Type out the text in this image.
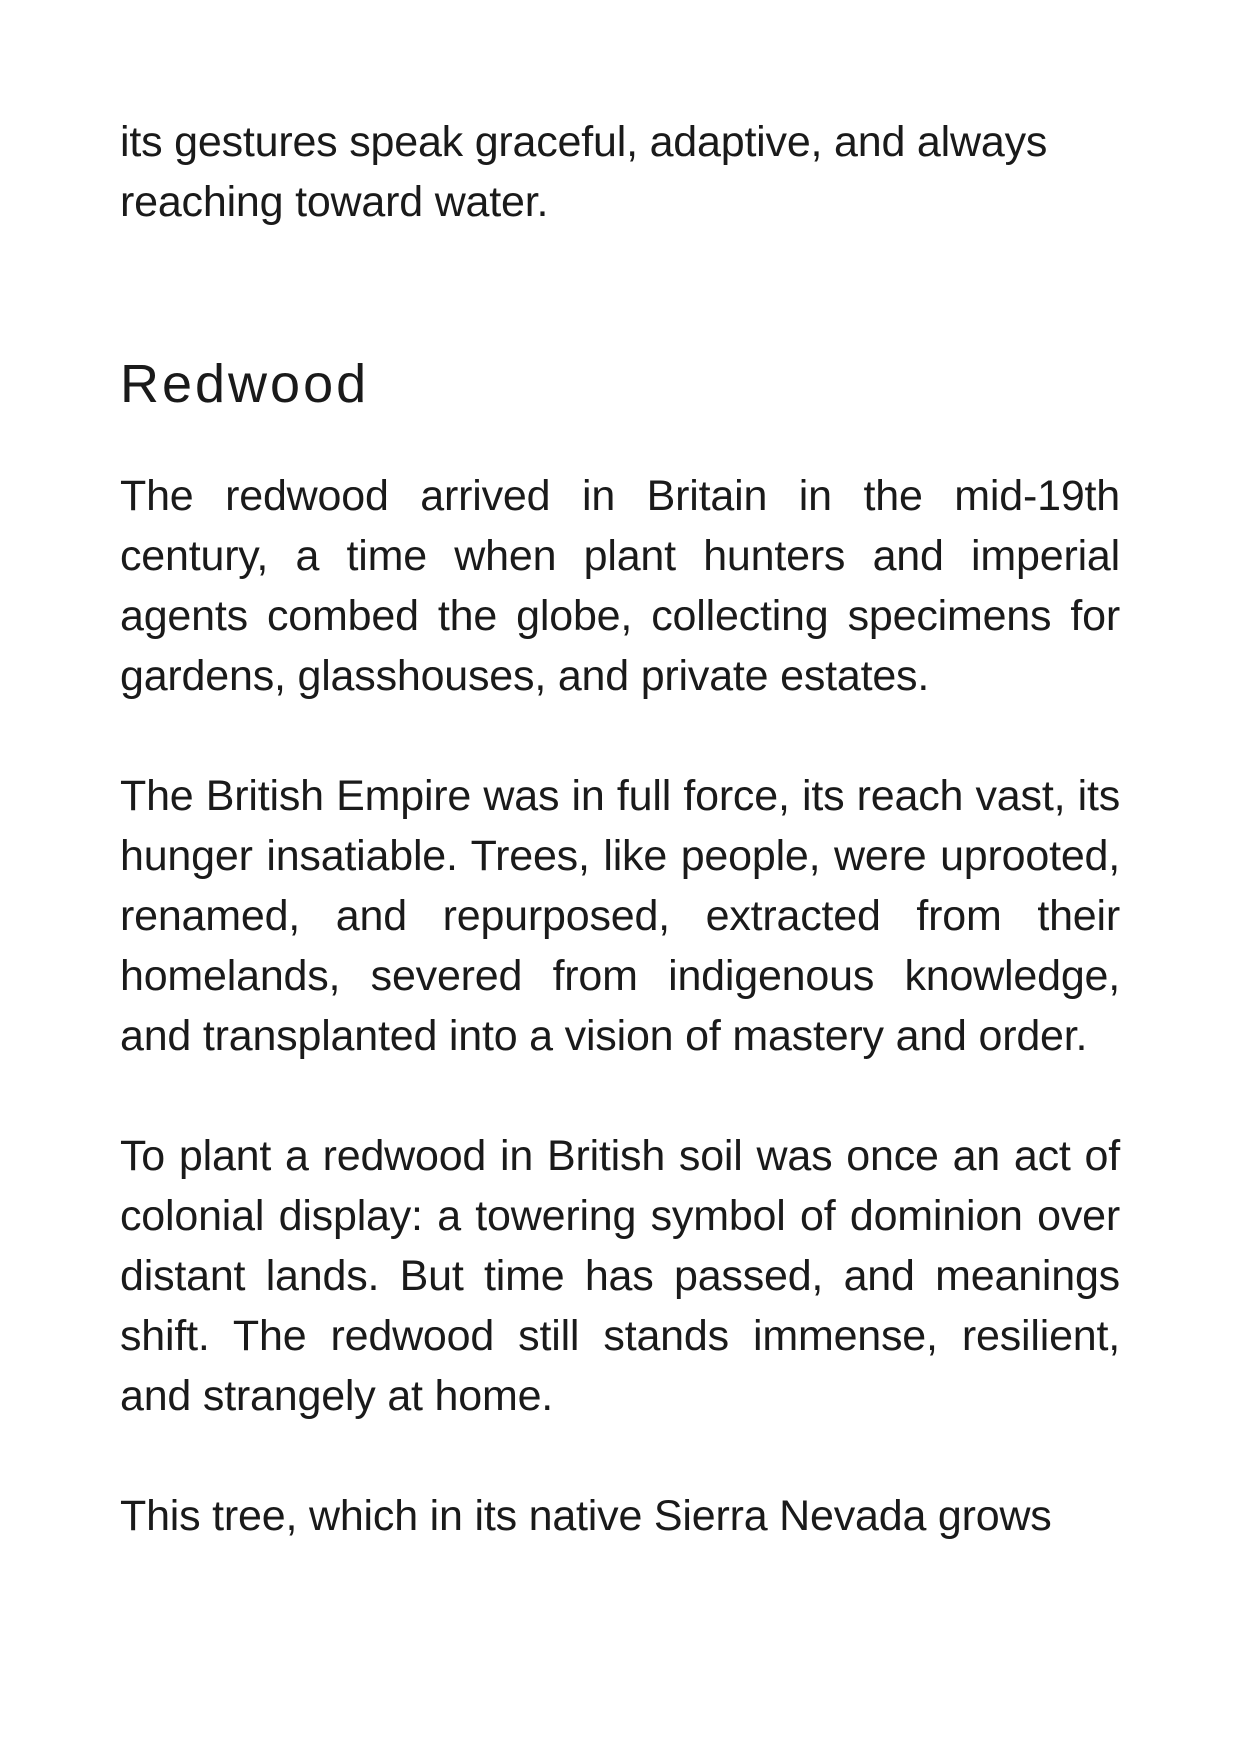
its gestures speak graceful, adaptive, and always reaching toward water.

Redwood

The redwood arrived in Britain in the mid-19th century, a time when plant hunters and imperial agents combed the globe, collecting specimens for gardens, glasshouses, and private estates.

The British Empire was in full force, its reach vast, its hunger insatiable. Trees, like people, were uprooted, renamed, and repurposed, extracted from their homelands, severed from indigenous knowledge, and transplanted into a vision of mastery and order.

To plant a redwood in British soil was once an act of colonial display: a towering symbol of dominion over distant lands. But time has passed, and meanings shift. The redwood still stands immense, resilient, and strangely at home.

This tree, which in its native Sierra Nevada grows
